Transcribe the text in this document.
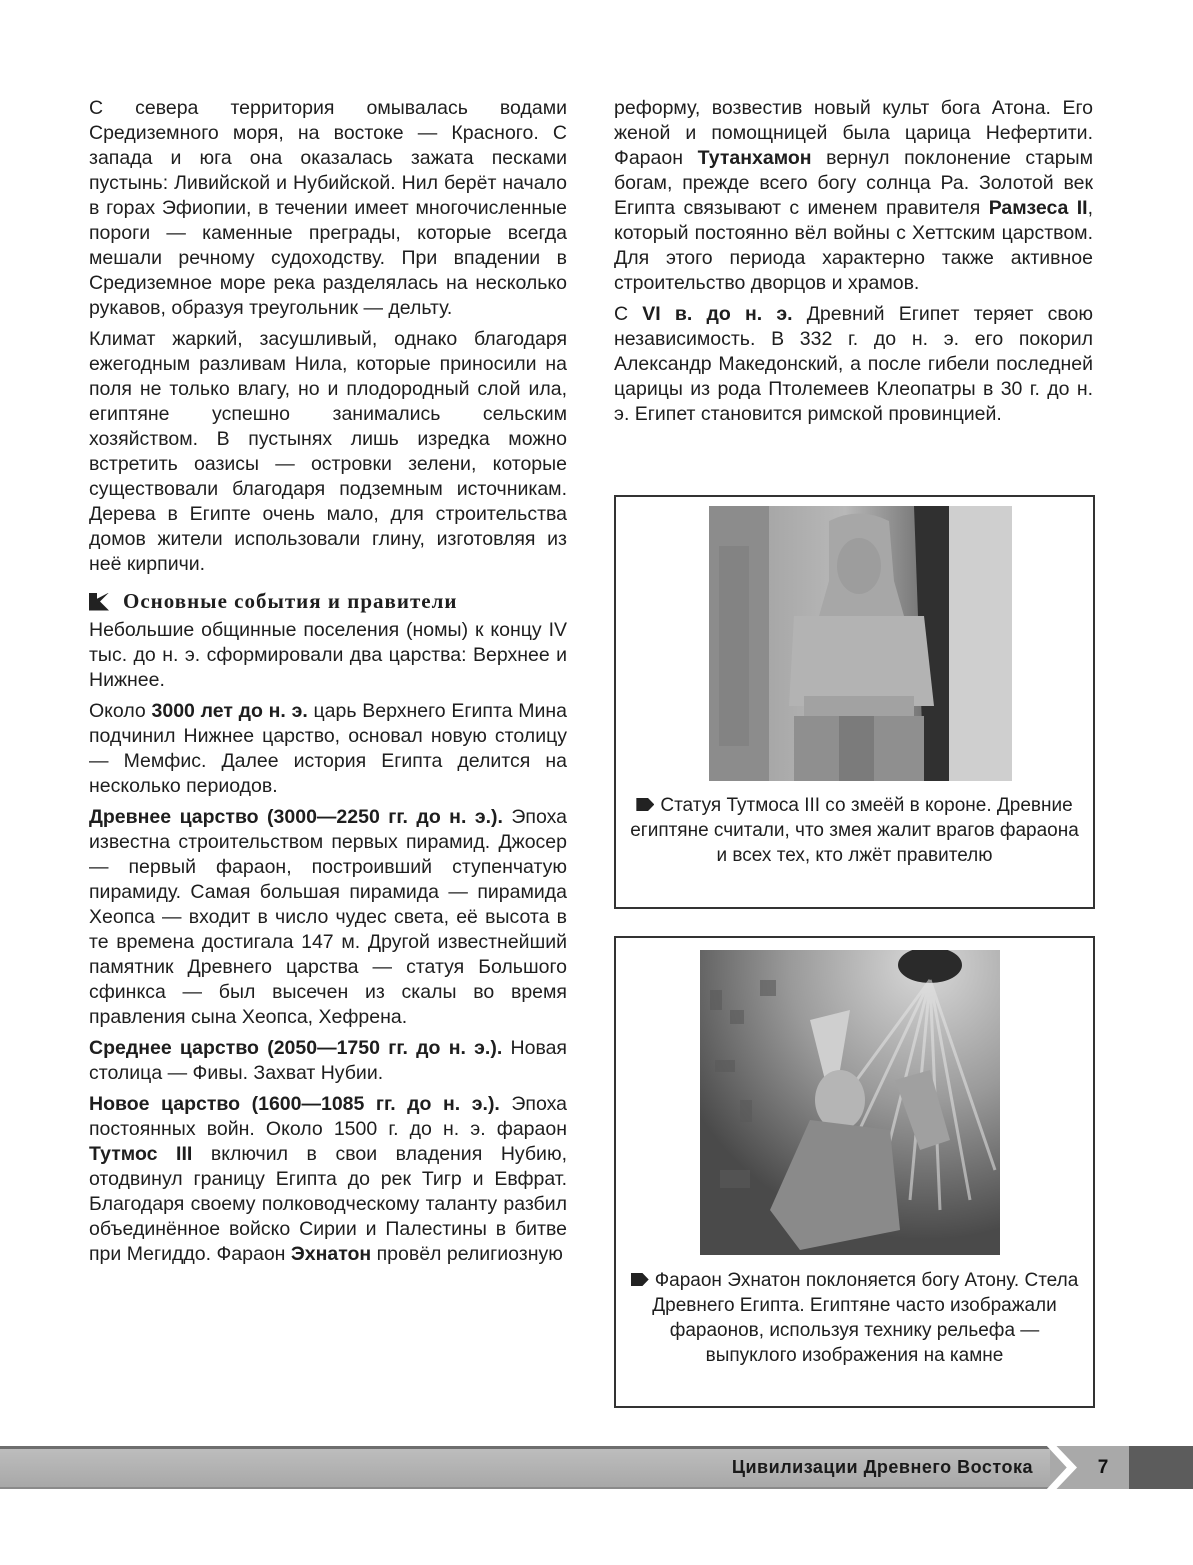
С севера территория омывалась водами Средиземного моря, на востоке — Красного. С запада и юга она оказалась зажата песками пустынь: Ливийской и Нубийской. Нил берёт начало в горах Эфиопии, в течении имеет многочисленные пороги — каменные преграды, которые всегда мешали речному судоходству. При впадении в Средиземное море река разделялась на несколько рукавов, образуя треугольник — дельту.

Климат жаркий, засушливый, однако благодаря ежегодным разливам Нила, которые приносили на поля не только влагу, но и плодородный слой ила, египтяне успешно занимались сельским хозяйством. В пустынях лишь изредка можно встретить оазисы — островки зелени, которые существовали благодаря подземным источникам. Дерева в Египте очень мало, для строительства домов жители использовали глину, изготовляя из неё кирпичи.

Основные события и правители

Небольшие общинные поселения (номы) к концу IV тыс. до н. э. сформировали два царства: Верхнее и Нижнее.

Около 3000 лет до н. э. царь Верхнего Египта Мина подчинил Нижнее царство, основал новую столицу — Мемфис. Далее история Египта делится на несколько периодов.

Древнее царство (3000—2250 гг. до н. э.). Эпоха известна строительством первых пирамид. Джосер — первый фараон, построивший ступенчатую пирамиду. Самая большая пирамида — пирамида Хеопса — входит в число чудес света, её высота в те времена достигала 147 м. Другой известнейший памятник Древнего царства — статуя Большого сфинкса — был высечен из скалы во время правления сына Хеопса, Хефрена.

Среднее царство (2050—1750 гг. до н. э.). Новая столица — Фивы. Захват Нубии.

Новое царство (1600—1085 гг. до н. э.). Эпоха постоянных войн. Около 1500 г. до н. э. фараон Тутмос III включил в свои владения Нубию, отодвинул границу Египта до рек Тигр и Евфрат. Благодаря своему полководческому таланту разбил объединённое войско Сирии и Палестины в битве при Мегиддо. Фараон Эхнатон провёл религиозную

реформу, возвестив новый культ бога Атона. Его женой и помощницей была царица Нефертити. Фараон Тутанхамон вернул поклонение старым богам, прежде всего богу солнца Ра. Золотой век Египта связывают с именем правителя Рамзеса II, который постоянно вёл войны с Хеттским царством. Для этого периода характерно также активное строительство дворцов и храмов.

С VI в. до н. э. Древний Египет теряет свою независимость. В 332 г. до н. э. его покорил Александр Македонский, а после гибели последней царицы из рода Птолемеев Клеопатры в 30 г. до н. э. Египет становится римской провинцией.

Статуя Тутмоса III со змеёй в короне. Древние египтяне считали, что змея жалит врагов фараона и всех тех, кто лжёт правителю
Фараон Эхнатон поклоняется богу Атону. Стела Древнего Египта. Египтяне часто изображали фараонов, используя технику рельефа — выпуклого изображения на камне
Цивилизации Древнего Востока	7
